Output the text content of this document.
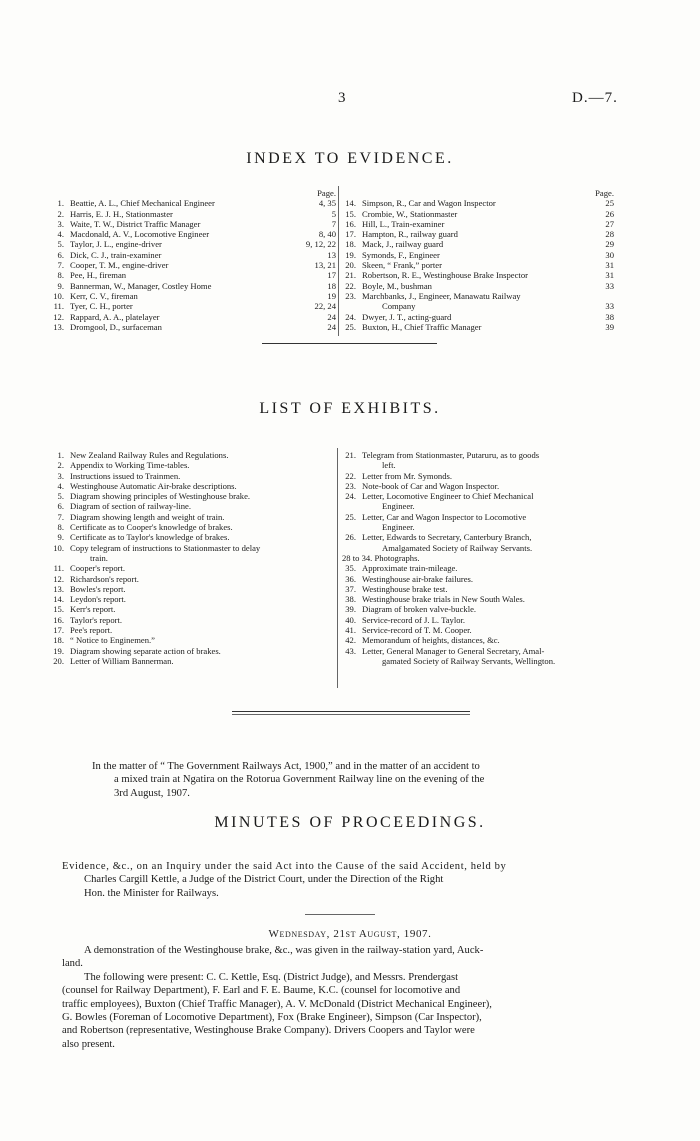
3	D.—7.
INDEX TO EVIDENCE.
Page.
1. Beattie, A. L., Chief Mechanical Engineer	4, 35
2. Harris, E. J. H., Stationmaster	5
3. Waite, T. W., District Traffic Manager	7
4. Macdonald, A. V., Locomotive Engineer	8, 40
5. Taylor, J. L., engine-driver	9, 12, 22
6. Dick, C. J., train-examiner	13
7. Cooper, T. M., engine-driver	13, 21
8. Pee, H., fireman	17
9. Bannerman, W., Manager, Costley Home	18
10. Kerr, C. V., fireman	19
11. Tyer, C. H., porter	22, 24
12. Rappard, A. A., platelayer	24
13. Dromgool, D., surfaceman	24
Page.
14. Simpson, R., Car and Wagon Inspector	25
15. Crombie, W., Stationmaster	26
16. Hill, L., Train-examiner	27
17. Hampton, R., railway guard	28
18. Mack, J., railway guard	29
19. Symonds, F., Engineer	30
20. Skeen, “ Frank,” porter	31
21. Robertson, R. E., Westinghouse Brake Inspector	31
22. Boyle, M., bushman	33
23. Marchbanks, J., Engineer, Manawatu Railway
Company	33
24. Dwyer, J. T., acting-guard	38
25. Buxton, H., Chief Traffic Manager	39
LIST OF EXHIBITS.
1. New Zealand Railway Rules and Regulations.
2. Appendix to Working Time-tables.
3. Instructions issued to Trainmen.
4. Westinghouse Automatic Air-brake descriptions.
5. Diagram showing principles of Westinghouse brake.
6. Diagram of section of railway-line.
7. Diagram showing length and weight of train.
8. Certificate as to Cooper's knowledge of brakes.
9. Certificate as to Taylor's knowledge of brakes.
10. Copy telegram of instructions to Stationmaster to delay
train.
11. Cooper's report.
12. Richardson's report.
13. Bowles's report.
14. Leydon's report.
15. Kerr's report.
16. Taylor's report.
17. Pee's report.
18. “ Notice to Enginemen.”
19. Diagram showing separate action of brakes.
20. Letter of William Bannerman.
21. Telegram from Stationmaster, Putaruru, as to goods
left.
22. Letter from Mr. Symonds.
23. Note-book of Car and Wagon Inspector.
24. Letter, Locomotive Engineer to Chief Mechanical
Engineer.
25. Letter, Car and Wagon Inspector to Locomotive
Engineer.
26. Letter, Edwards to Secretary, Canterbury Branch,
Amalgamated Society of Railway Servants.
28 to 34. Photographs.
35. Approximate train-mileage.
36. Westinghouse air-brake failures.
37. Westinghouse brake test.
38. Westinghouse brake trials in New South Wales.
39. Diagram of broken valve-buckle.
40. Service-record of J. L. Taylor.
41. Service-record of T. M. Cooper.
42. Memorandum of heights, distances, &c.
43. Letter, General Manager to General Secretary, Amal-
gamated Society of Railway Servants, Wellington.
In the matter of “ The Government Railways Act, 1900,” and in the matter of an accident to
a mixed train at Ngatira on the Rotorua Government Railway line on the evening of the
3rd August, 1907.
MINUTES OF PROCEEDINGS.
Evidence, &c., on an Inquiry under the said Act into the Cause of the said Accident, held by
Charles Cargill Kettle, a Judge of the District Court, under the Direction of the Right
Hon. the Minister for Railways.
Wednesday, 21st August, 1907.
A demonstration of the Westinghouse brake, &c., was given in the railway-station yard, Auck-
land.
The following were present: C. C. Kettle, Esq. (District Judge), and Messrs. Prendergast
(counsel for Railway Department), F. Earl and F. E. Baume, K.C. (counsel for locomotive and
traffic employees), Buxton (Chief Traffic Manager), A. V. McDonald (District Mechanical Engineer),
G. Bowles (Foreman of Locomotive Department), Fox (Brake Engineer), Simpson (Car Inspector),
and Robertson (representative, Westinghouse Brake Company). Drivers Coopers and Taylor were
also present.
